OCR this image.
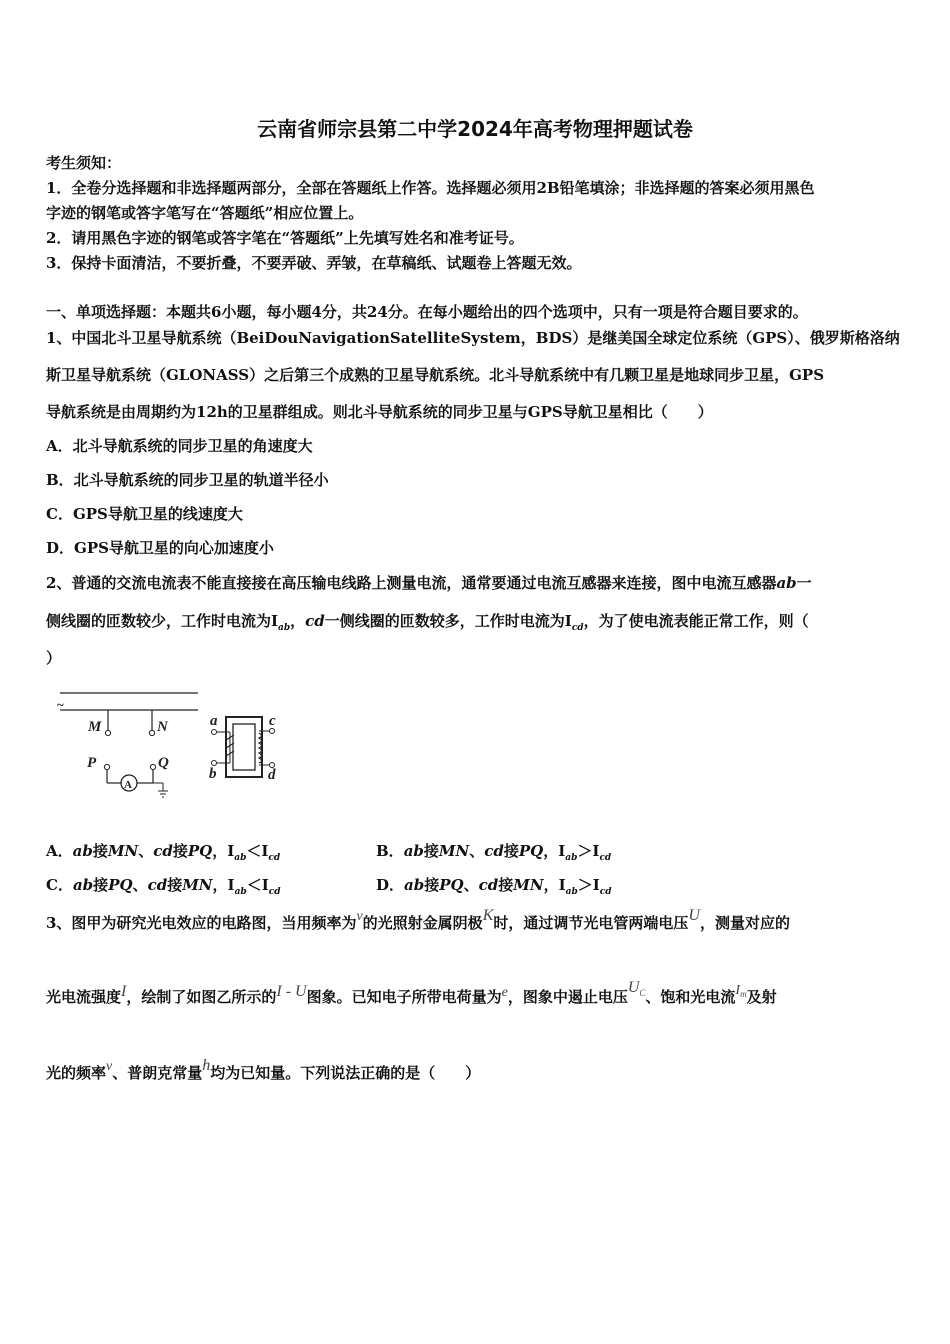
云南省师宗县第二中学2024年高考物理押题试卷
考生须知：
1．全卷分选择题和非选择题两部分，全部在答题纸上作答。选择题必须用2B铅笔填涂；非选择题的答案必须用黑色
字迹的钢笔或答字笔写在“答题纸”相应位置上。
2．请用黑色字迹的钢笔或答字笔在“答题纸”上先填写姓名和准考证号。
3．保持卡面清洁，不要折叠，不要弄破、弄皱，在草稿纸、试题卷上答题无效。
一、单项选择题：本题共6小题，每小题4分，共24分。在每小题给出的四个选项中，只有一项是符合题目要求的。
1、中国北斗卫星导航系统（BeiDouNavigationSatelliteSystem，BDS）是继美国全球定位系统（GPS）、俄罗斯格洛纳
斯卫星导航系统（GLONASS）之后第三个成熟的卫星导航系统。北斗导航系统中有几颗卫星是地球同步卫星，GPS
导航系统是由周期约为12h的卫星群组成。则北斗导航系统的同步卫星与GPS导航卫星相比（　　）
A．北斗导航系统的同步卫星的角速度大
B．北斗导航系统的同步卫星的轨道半径小
C．GPS导航卫星的线速度大
D．GPS导航卫星的向心加速度小
2、普通的交流电流表不能直接接在高压输电线路上测量电流，通常要通过电流互感器来连接，图中电流互感器ab一
侧线圈的匝数较少，工作时电流为$I_{ab}$，cd一侧线圈的匝数较多，工作时电流为$I_{cd}$，为了使电流表能正常工作，则（
）
~
M	N
P
A
Q
a
b
c
d
A．ab接MN、cd接PQ，$I_{ab}<I_{cd}$	B．ab接MN、cd接PQ，$I_{ab}>I_{cd}$
C．ab接PQ、cd接MN，$I_{ab}<I_{cd}$	D．ab接PQ、cd接MN，$I_{ab}>I_{cd}$
3、图甲为研究光电效应的电路图，当用频率为v的光照射金属阴极K时，通过调节光电管两端电压U，测量对应的
光电流强度I，绘制了如图乙所示的I - U图象。已知电子所带电荷量为e，图象中遏止电压$U^C$、饱和光电流$I^m$及射
光的频率v、普朗克常量h均为已知量。下列说法正确的是（　　）
